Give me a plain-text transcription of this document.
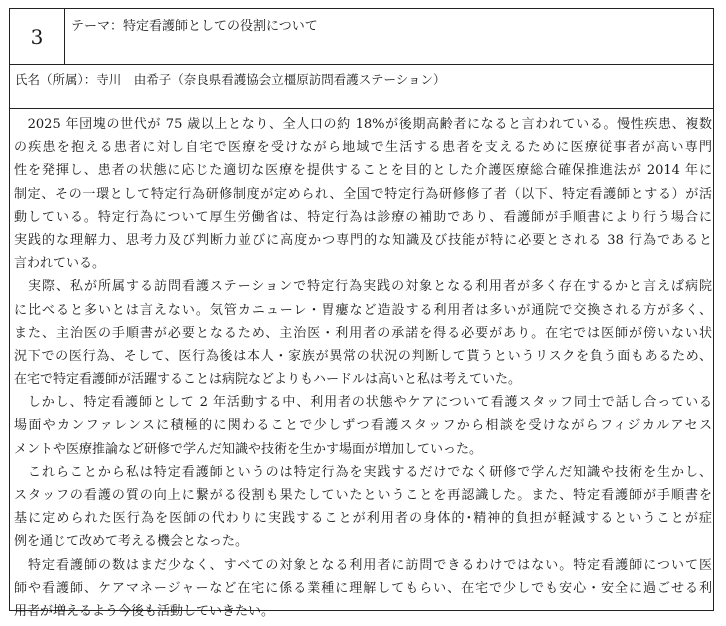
3	テーマ：特定看護師としての役割について
氏名（所属）：寺川　由希子（奈良県看護協会立橿原訪問看護ステーション）
　2025 年団塊の世代が 75 歳以上となり、全人口の約 18%が後期高齢者になると言われている。慢性疾患、複数
の疾患を抱える患者に対し自宅で医療を受けながら地域で生活する患者を支えるために医療従事者が高い専門
性を発揮し、患者の状態に応じた適切な医療を提供することを目的とした介護医療総合確保推進法が 2014 年に
制定、その一環として特定行為研修制度が定められ、全国で特定行為研修修了者（以下、特定看護師とする）が活
動している。特定行為について厚生労働省は、特定行為は診療の補助であり、看護師が手順書により行う場合に
実践的な理解力、思考力及び判断力並びに高度かつ専門的な知識及び技能が特に必要とされる 38 行為であると
言われている。
　実際、私が所属する訪問看護ステーションで特定行為実践の対象となる利用者が多く存在するかと言えば病院
に比べると多いとは言えない。気管カニューレ・胃瘻など造設する利用者は多いが通院で交換される方が多く、
また、主治医の手順書が必要となるため、主治医・利用者の承諾を得る必要があり。在宅では医師が傍いない状
況下での医行為、そして、医行為後は本人・家族が異常の状況の判断して貰うというリスクを負う面もあるため、
在宅で特定看護師が活躍することは病院などよりもハードルは高いと私は考えていた。
　しかし、特定看護師として 2 年活動する中、利用者の状態やケアについて看護スタッフ同士で話し合っている
場面やカンファレンスに積極的に関わることで少しずつ看護スタッフから相談を受けながらフィジカルアセス
メントや医療推論など研修で学んだ知識や技術を生かす場面が増加していった。
　これらことから私は特定看護師というのは特定行為を実践するだけでなく研修で学んだ知識や技術を生かし、
スタッフの看護の質の向上に繋がる役割も果たしていたということを再認識した。また、特定看護師が手順書を
基に定められた医行為を医師の代わりに実践することが利用者の身体的･精神的負担が軽減するということが症
例を通じて改めて考える機会となった。
　特定看護師の数はまだ少なく、すべての対象となる利用者に訪問できるわけではない。特定看護師について医
師や看護師、ケアマネージャーなど在宅に係る業種に理解してもらい、在宅で少しでも安心・安全に過ごせる利
用者が増えるよう今後も活動していきたい。
